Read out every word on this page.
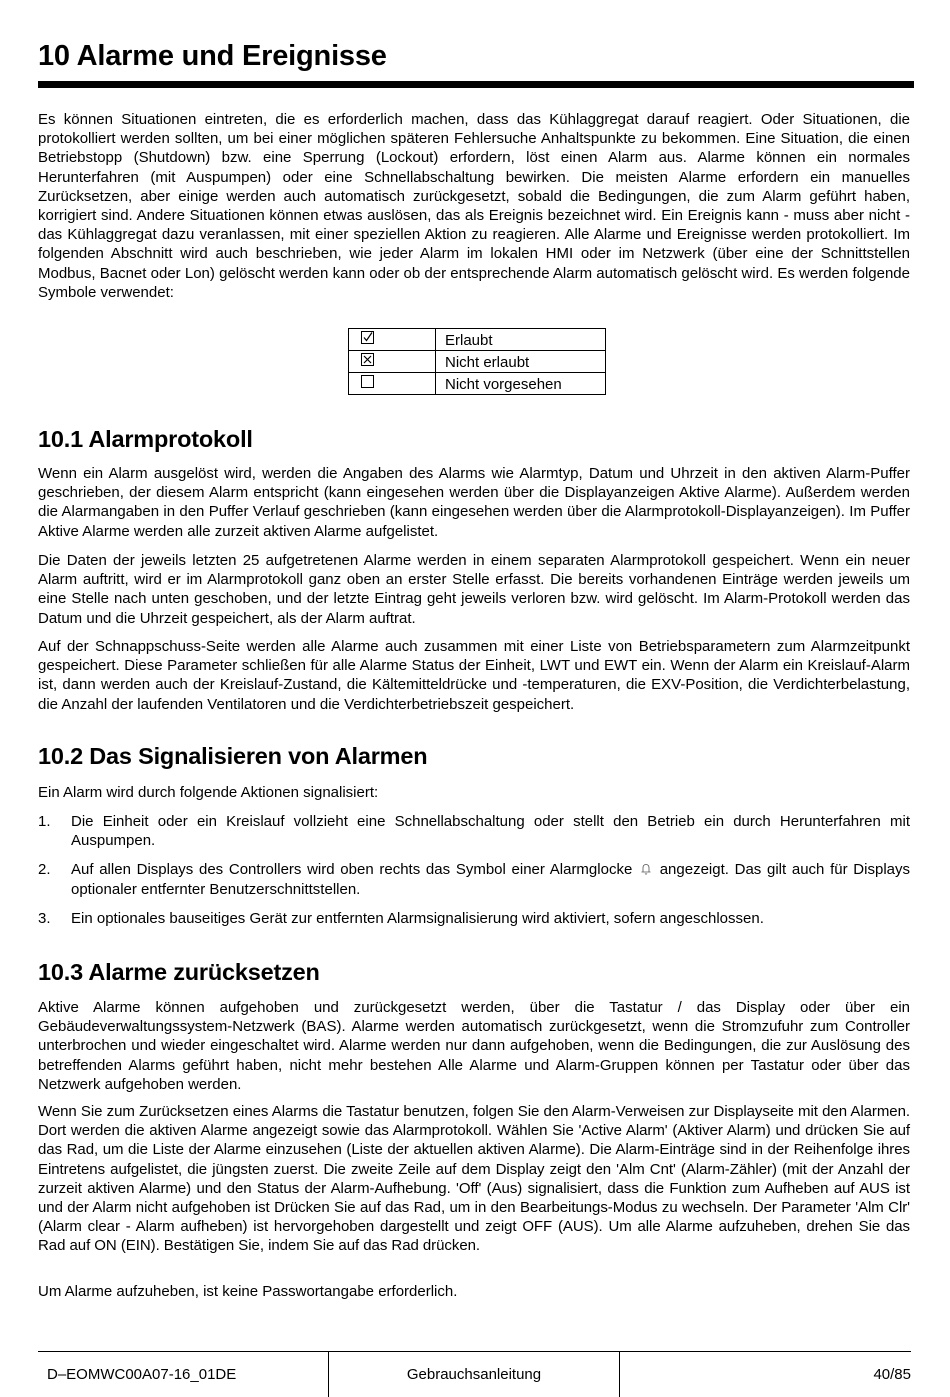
10 Alarme und Ereignisse

Es können Situationen eintreten, die es erforderlich machen, dass das Kühlaggregat darauf reagiert. Oder Situationen, die protokolliert werden sollten, um bei einer möglichen späteren Fehlersuche Anhaltspunkte zu bekommen. Eine Situation, die einen Betriebstopp (Shutdown) bzw. eine Sperrung (Lockout) erfordern, löst einen Alarm aus. Alarme können ein normales Herunterfahren (mit Auspumpen) oder eine Schnellabschaltung bewirken. Die meisten Alarme erfordern ein manuelles Zurücksetzen, aber einige werden auch automatisch zurückgesetzt, sobald die Bedingungen, die zum Alarm geführt haben, korrigiert sind. Andere Situationen können etwas auslösen, das als Ereignis bezeichnet wird. Ein Ereignis kann - muss aber nicht - das Kühlaggregat dazu veranlassen, mit einer speziellen Aktion zu reagieren. Alle Alarme und Ereignisse werden protokolliert. Im folgenden Abschnitt wird auch beschrieben, wie jeder Alarm im lokalen HMI oder im Netzwerk (über eine der Schnittstellen Modbus, Bacnet oder Lon) gelöscht werden kann oder ob der entsprechende Alarm automatisch gelöscht wird. Es werden folgende Symbole verwendet:

	Erlaubt

	Nicht erlaubt
	Nicht vorgesehen
10.1 Alarmprotokoll

Wenn ein Alarm ausgelöst wird, werden die Angaben des Alarms wie Alarmtyp, Datum und Uhrzeit in den aktiven Alarm-Puffer geschrieben, der diesem Alarm entspricht (kann eingesehen werden über die Displayanzeigen Aktive Alarme). Außerdem werden die Alarmangaben in den Puffer Verlauf geschrieben (kann eingesehen werden über die Alarmprotokoll-Displayanzeigen). Im Puffer Aktive Alarme werden alle zurzeit aktiven Alarme aufgelistet.

Die Daten der jeweils letzten 25 aufgetretenen Alarme werden in einem separaten Alarmprotokoll gespeichert. Wenn ein neuer Alarm auftritt, wird er im Alarmprotokoll ganz oben an erster Stelle erfasst. Die bereits vorhandenen Einträge werden jeweils um eine Stelle nach unten geschoben, und der letzte Eintrag geht jeweils verloren bzw. wird gelöscht. Im Alarm-Protokoll werden das Datum und die Uhrzeit gespeichert, als der Alarm auftrat.

Auf der Schnappschuss-Seite werden alle Alarme auch zusammen mit einer Liste von Betriebsparametern zum Alarmzeitpunkt gespeichert. Diese Parameter schließen für alle Alarme Status der Einheit, LWT und EWT ein. Wenn der Alarm ein Kreislauf-Alarm ist, dann werden auch der Kreislauf-Zustand, die Kältemitteldrücke und -temperaturen, die EXV-Position, die Verdichterbelastung, die Anzahl der laufenden Ventilatoren und die Verdichterbetriebszeit gespeichert.

10.2 Das Signalisieren von Alarmen

Ein Alarm wird durch folgende Aktionen signalisiert:

1. Die Einheit oder ein Kreislauf vollzieht eine Schnellabschaltung oder stellt den Betrieb ein durch Herunterfahren mit Auspumpen.
2. Auf allen Displays des Controllers wird oben rechts das Symbol einer Alarmglocke angezeigt. Das gilt auch für Displays optionaler entfernter Benutzerschnittstellen.
3. Ein optionales bauseitiges Gerät zur entfernten Alarmsignalisierung wird aktiviert, sofern angeschlossen.
10.3 Alarme zurücksetzen

Aktive Alarme können aufgehoben und zurückgesetzt werden, über die Tastatur / das Display oder über ein Gebäudeverwaltungssystem-Netzwerk (BAS). Alarme werden automatisch zurückgesetzt, wenn die Stromzufuhr zum Controller unterbrochen und wieder eingeschaltet wird. Alarme werden nur dann aufgehoben, wenn die Bedingungen, die zur Auslösung des betreffenden Alarms geführt haben, nicht mehr bestehen Alle Alarme und Alarm-Gruppen können per Tastatur oder über das Netzwerk aufgehoben werden.

Wenn Sie zum Zurücksetzen eines Alarms die Tastatur benutzen, folgen Sie den Alarm-Verweisen zur Displayseite mit den Alarmen. Dort werden die aktiven Alarme angezeigt sowie das Alarmprotokoll. Wählen Sie 'Active Alarm' (Aktiver Alarm) und drücken Sie auf das Rad, um die Liste der Alarme einzusehen (Liste der aktuellen aktiven Alarme). Die Alarm-Einträge sind in der Reihenfolge ihres Eintretens aufgelistet, die jüngsten zuerst. Die zweite Zeile auf dem Display zeigt den 'Alm Cnt' (Alarm-Zähler) (mit der Anzahl der zurzeit aktiven Alarme) und den Status der Alarm-Aufhebung. 'Off' (Aus) signalisiert, dass die Funktion zum Aufheben auf AUS ist und der Alarm nicht aufgehoben ist Drücken Sie auf das Rad, um in den Bearbeitungs-Modus zu wechseln. Der Parameter 'Alm Clr' (Alarm clear - Alarm aufheben) ist hervorgehoben dargestellt und zeigt OFF (AUS). Um alle Alarme aufzuheben, drehen Sie das Rad auf ON (EIN). Bestätigen Sie, indem Sie auf das Rad drücken.

Um Alarme aufzuheben, ist keine Passwortangabe erforderlich.

D–EOMWC00A07-16_01DE	Gebrauchsanleitung	40/85
